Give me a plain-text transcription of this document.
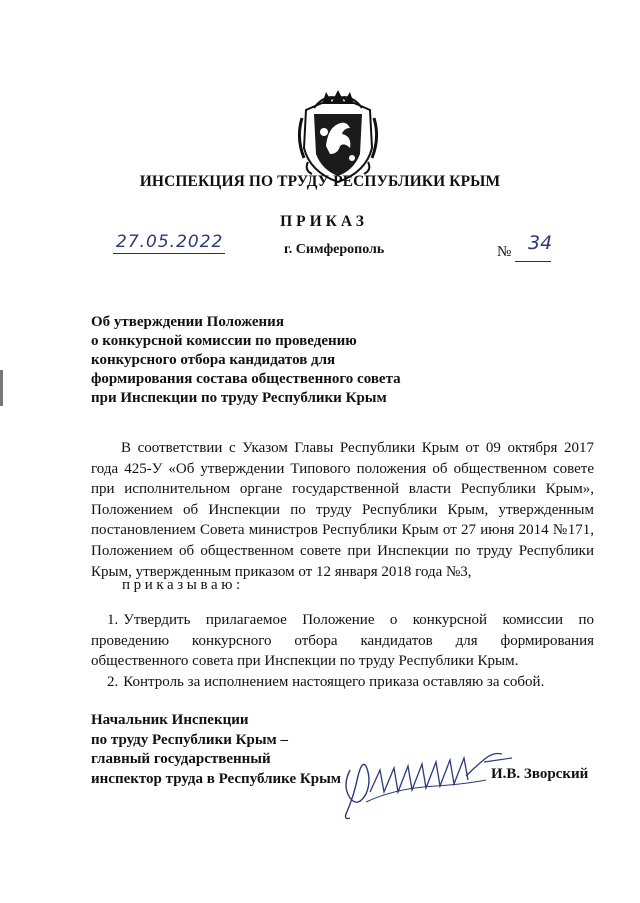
ИНСПЕКЦИЯ ПО ТРУДУ РЕСПУБЛИКИ КРЫМ
ПРИКАЗ
27.05.2022	г. Симферополь	№ 34
Об утверждении Положения
о конкурсной комиссии по проведению
конкурсного отбора кандидатов для
формирования состава общественного совета
при Инспекции по труду Республики Крым

В соответствии с Указом Главы Республики Крым от 09 октября 2017 года 425-У «Об утверждении Типового положения об общественном совете при исполнительном органе государственной власти Республики Крым», Положением об Инспекции по труду Республики Крым, утвержденным постановлением Совета министров Республики Крым от 27 июня 2014 №171, Положением об общественном совете при Инспекции по труду Республики Крым, утвержденным приказом от 12 января 2018 года №3,

приказываю:

1. Утвердить прилагаемое Положение о конкурсной комиссии по проведению конкурсного отбора кандидатов для формирования общественного совета при Инспекции по труду Республики Крым.

2. Контроль за исполнением настоящего приказа оставляю за собой.

Начальник Инспекции
по труду Республики Крым –
главный государственный
инспектор труда в Республике Крым	И.В. Зворский
